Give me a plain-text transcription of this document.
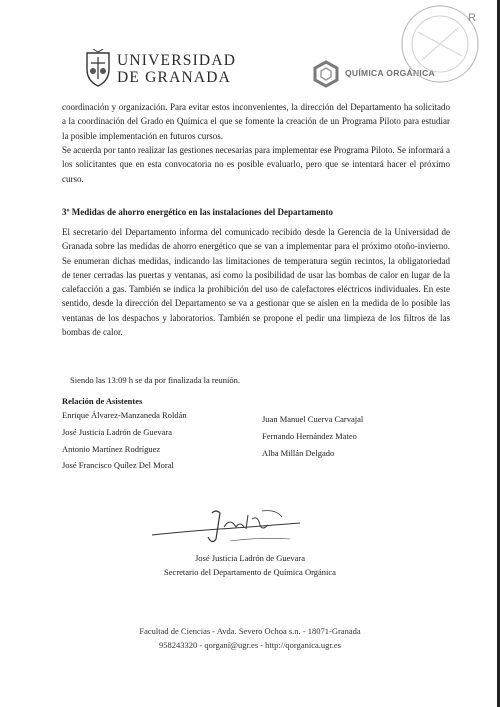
UNIVERSIDAD
DE GRANADA	QUÍMICA ORGÁNICA
R
coordinación y organización. Para evitar estos inconvenientes, la dirección del Departamento ha solicitado a la coordinación del Grado en Química el que se fomente la creación de un Programa Piloto para estudiar la posible implementación en futuros cursos.
Se acuerda por tanto realizar las gestiones necesarias para implementar ese Programa Piloto. Se informará a los solicitantes que en esta convocatoria no es posible evaluarlo, pero que se intentará hacer el próximo curso.
3º Medidas de ahorro energético en las instalaciones del Departamento
El secretario del Departamento informa del comunicado recibido desde la Gerencia de la Universidad de Granada sobre las medidas de ahorro energético que se van a implementar para el próximo otoño-invierno. Se enumeran dichas medidas, indicando las limitaciones de temperatura según recintos, la obligatoriedad de tener cerradas las puertas y ventanas, así como la posibilidad de usar las bombas de calor en lugar de la calefacción a gas. También se indica la prohibición del uso de calefactores eléctricos individuales. En este sentido, desde la dirección del Departamento se va a gestionar que se aíslen en la medida de lo posible las ventanas de los despachos y laboratorios. También se propone el pedir una limpieza de los filtros de las bombas de calor.
Siendo las 13:09 h se da por finalizada la reunión.
Relación de Asistentes
Enrique Álvarez-Manzaneda Roldán
José Justicia Ladrón de Guevara
Antonio Martínez Rodríguez
José Francisco Quílez Del Moral
Juan Manuel Cuerva Carvajal
Fernando Hernández Mateo
Alba Millán Delgado
José Justicia Ladrón de Guevara
Secretario del Departamento de Química Orgánica
Facultad de Ciencias - Avda. Severo Ochoa s.n. - 18071-Granada
958243320 - qorganí@ugr.es - http://qorganica.ugr.es
